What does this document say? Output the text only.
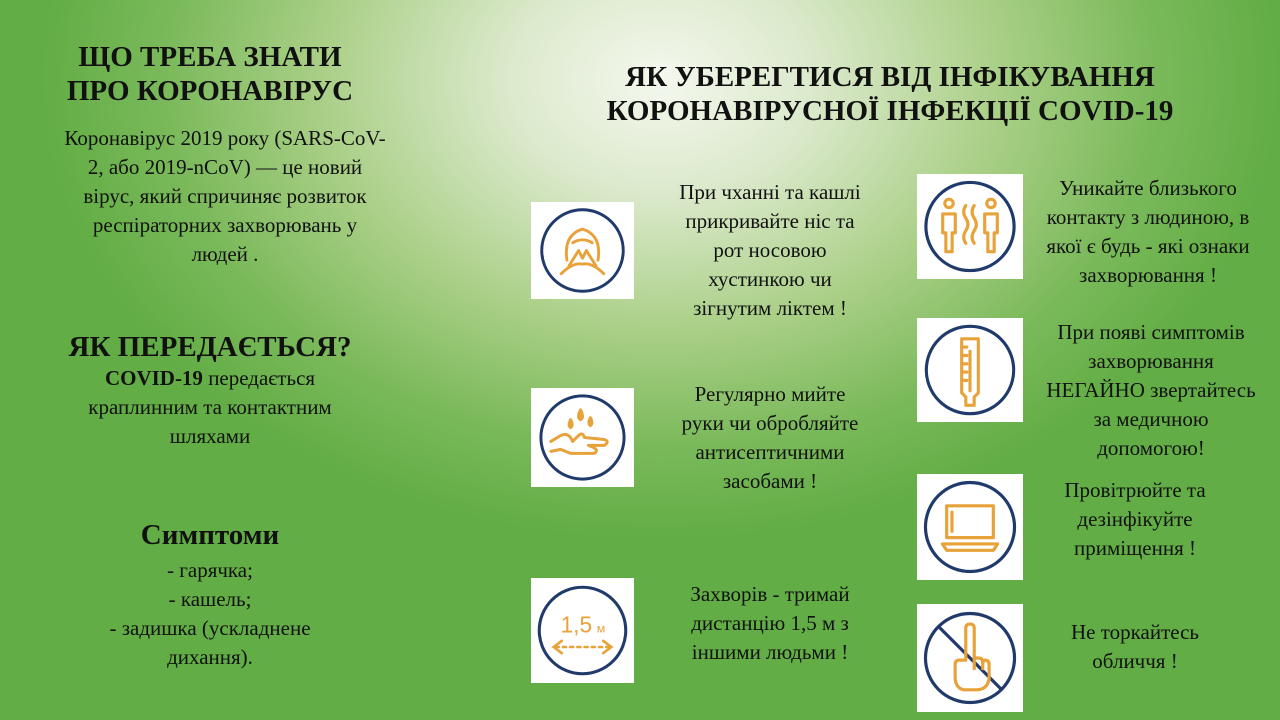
ЩО ТРЕБА ЗНАТИ
ПРО КОРОНАВІРУС
Коронавірус 2019 року (SARS-CoV-
2, або 2019-nCoV) — це новий
вірус, який спричиняє розвиток
респіраторних захворювань у
людей .
ЯК ПЕРЕДАЄТЬСЯ?
COVID-19 передається
краплинним та контактним
шляхами
Симптоми
- гарячка;
- кашель;
- задишка (ускладнене
дихання).
ЯК УБЕРЕГТИСЯ ВІД ІНФІКУВАННЯ
КОРОНАВІРУСНОЇ ІНФЕКЦІЇ COVID-19
При чханні та кашлі
прикривайте ніс та
рот носовою
хустинкою чи
зігнутим ліктем !
Регулярно мийте
руки чи обробляйте
антисептичними
засобами !
1,5 м
Захворів - тримай
дистанцію 1,5 м з
іншими людьми !
Уникайте близького
контакту з людиною, в
якої є будь - які ознаки
захворювання !
При появі симптомів
захворювання
НЕГАЙНО звертайтесь
за медичною
допомогою!
Провітрюйте та
дезінфікуйте
приміщення !
Не торкайтесь
обличчя !
